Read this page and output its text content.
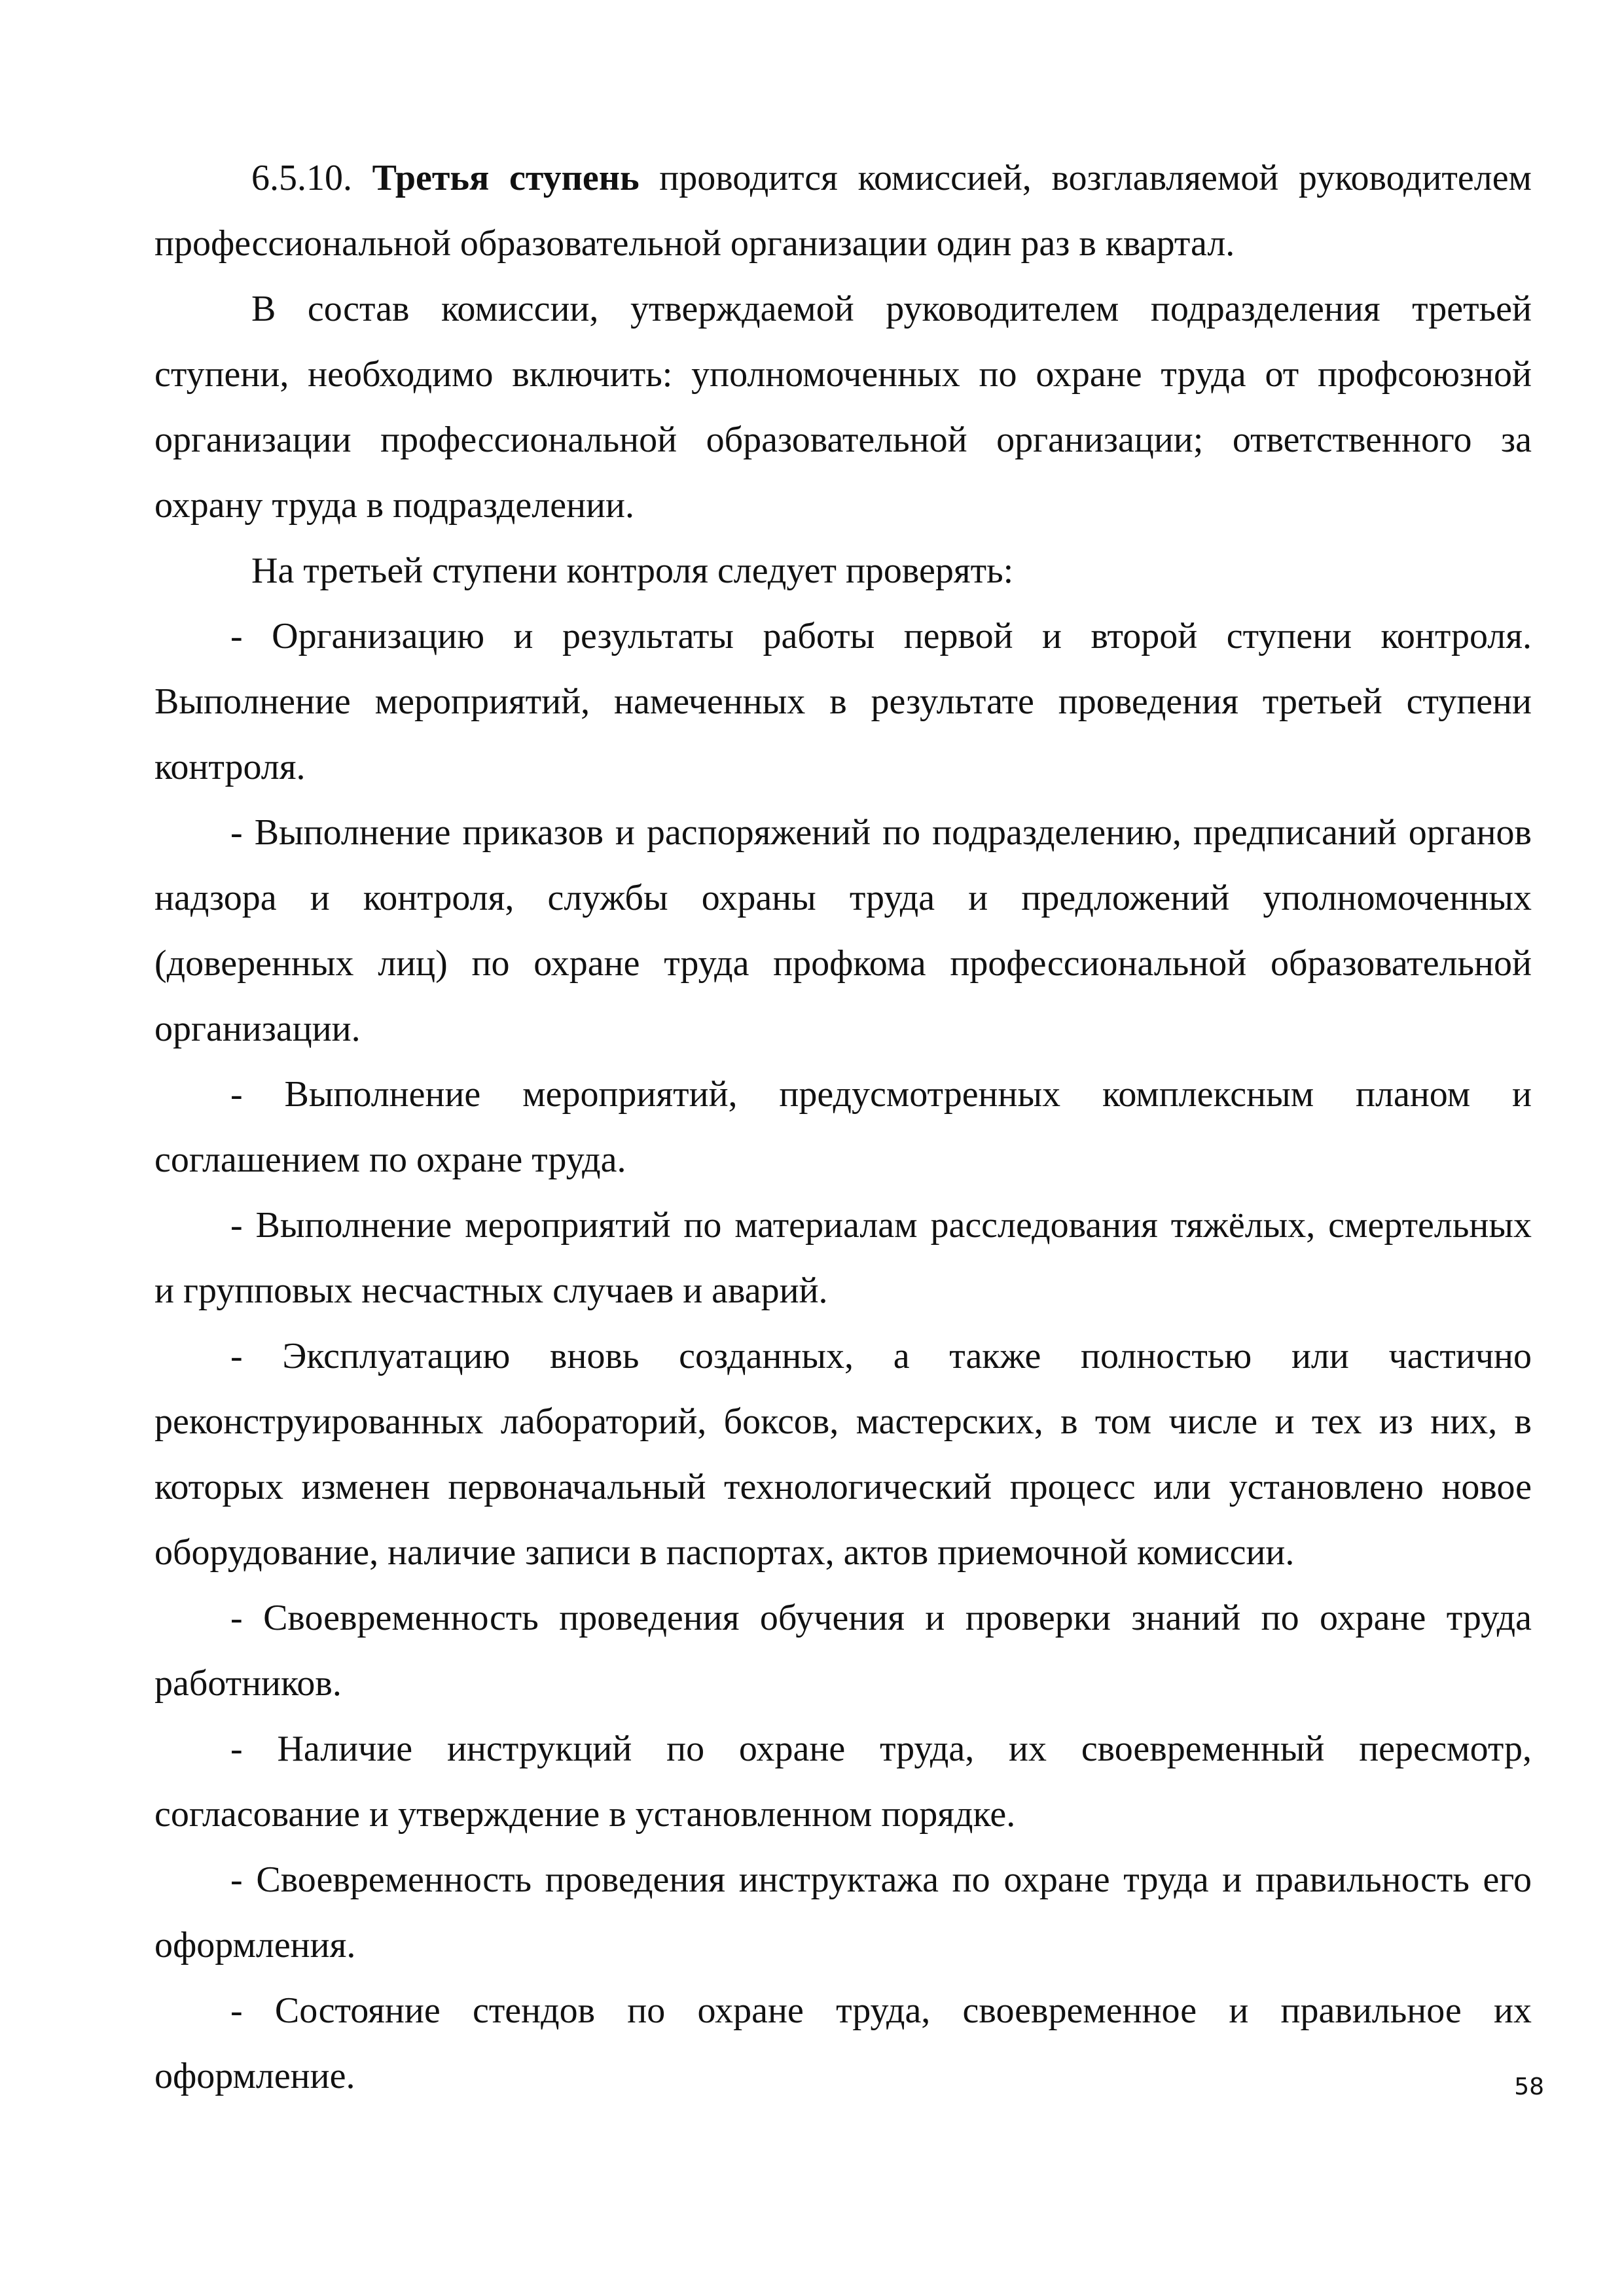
6.5.10. Третья ступень проводится комиссией, возглавляемой руководителем профессиональной образовательной организации один раз в квартал.

В состав комиссии, утверждаемой руководителем подразделения третьей ступени, необходимо включить: уполномоченных по охране труда от профсоюзной организации профессиональной образовательной организации; ответственного за охрану труда в подразделении.

На третьей ступени контроля следует проверять:

- Организацию и результаты работы первой и второй ступени контроля. Выполнение мероприятий, намеченных в результате проведения третьей ступени контроля.

- Выполнение приказов и распоряжений по подразделению, предписаний органов надзора и контроля, службы охраны труда и предложений уполномоченных (доверенных лиц) по охране труда профкома профессиональной образовательной организации.

- Выполнение мероприятий, предусмотренных комплексным планом и соглашением по охране труда.

- Выполнение мероприятий по материалам расследования тяжёлых, смертельных и групповых несчастных случаев и аварий.

- Эксплуатацию вновь созданных, а также полностью или частично реконструированных лабораторий, боксов, мастерских, в том числе и тех из них, в которых изменен первоначальный технологический процесс или установлено новое оборудование, наличие записи в паспортах, актов приемочной комиссии.

- Своевременность проведения обучения и проверки знаний по охране труда работников.

- Наличие инструкций по охране труда, их своевременный пересмотр, согласование и утверждение в установленном порядке.

- Своевременность проведения инструктажа по охране труда и правильность его оформления.

- Состояние стендов по охране труда, своевременное и правильное их оформление.	58
